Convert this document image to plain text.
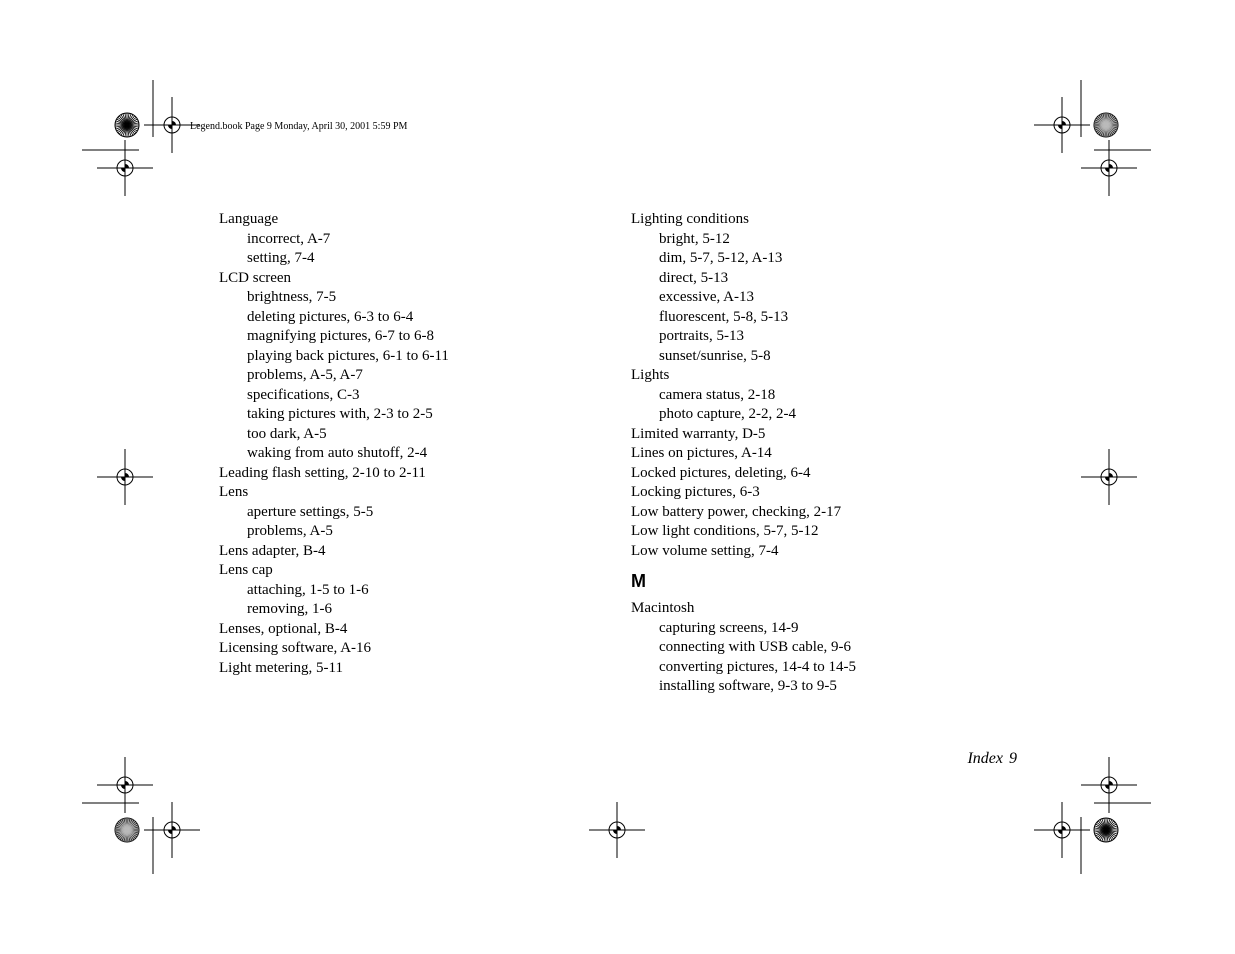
Legend.book Page 9 Monday, April 30, 2001 5:59 PM
Language
incorrect, A-7
setting, 7-4
LCD screen
brightness, 7-5
deleting pictures, 6-3 to 6-4
magnifying pictures, 6-7 to 6-8
playing back pictures, 6-1 to 6-11
problems, A-5, A-7
specifications, C-3
taking pictures with, 2-3 to 2-5
too dark, A-5
waking from auto shutoff, 2-4
Leading flash setting, 2-10 to 2-11
Lens
aperture settings, 5-5
problems, A-5
Lens adapter, B-4
Lens cap
attaching, 1-5 to 1-6
removing, 1-6
Lenses, optional, B-4
Licensing software, A-16
Light metering, 5-11
Lighting conditions
bright, 5-12
dim, 5-7, 5-12, A-13
direct, 5-13
excessive, A-13
fluorescent, 5-8, 5-13
portraits, 5-13
sunset/sunrise, 5-8
Lights
camera status, 2-18
photo capture, 2-2, 2-4
Limited warranty, D-5
Lines on pictures, A-14
Locked pictures, deleting, 6-4
Locking pictures, 6-3
Low battery power, checking, 2-17
Low light conditions, 5-7, 5-12
Low volume setting, 7-4
M
Macintosh
capturing screens, 14-9
connecting with USB cable, 9-6
converting pictures, 14-4 to 14-5
installing software, 9-3 to 9-5
Index 9
